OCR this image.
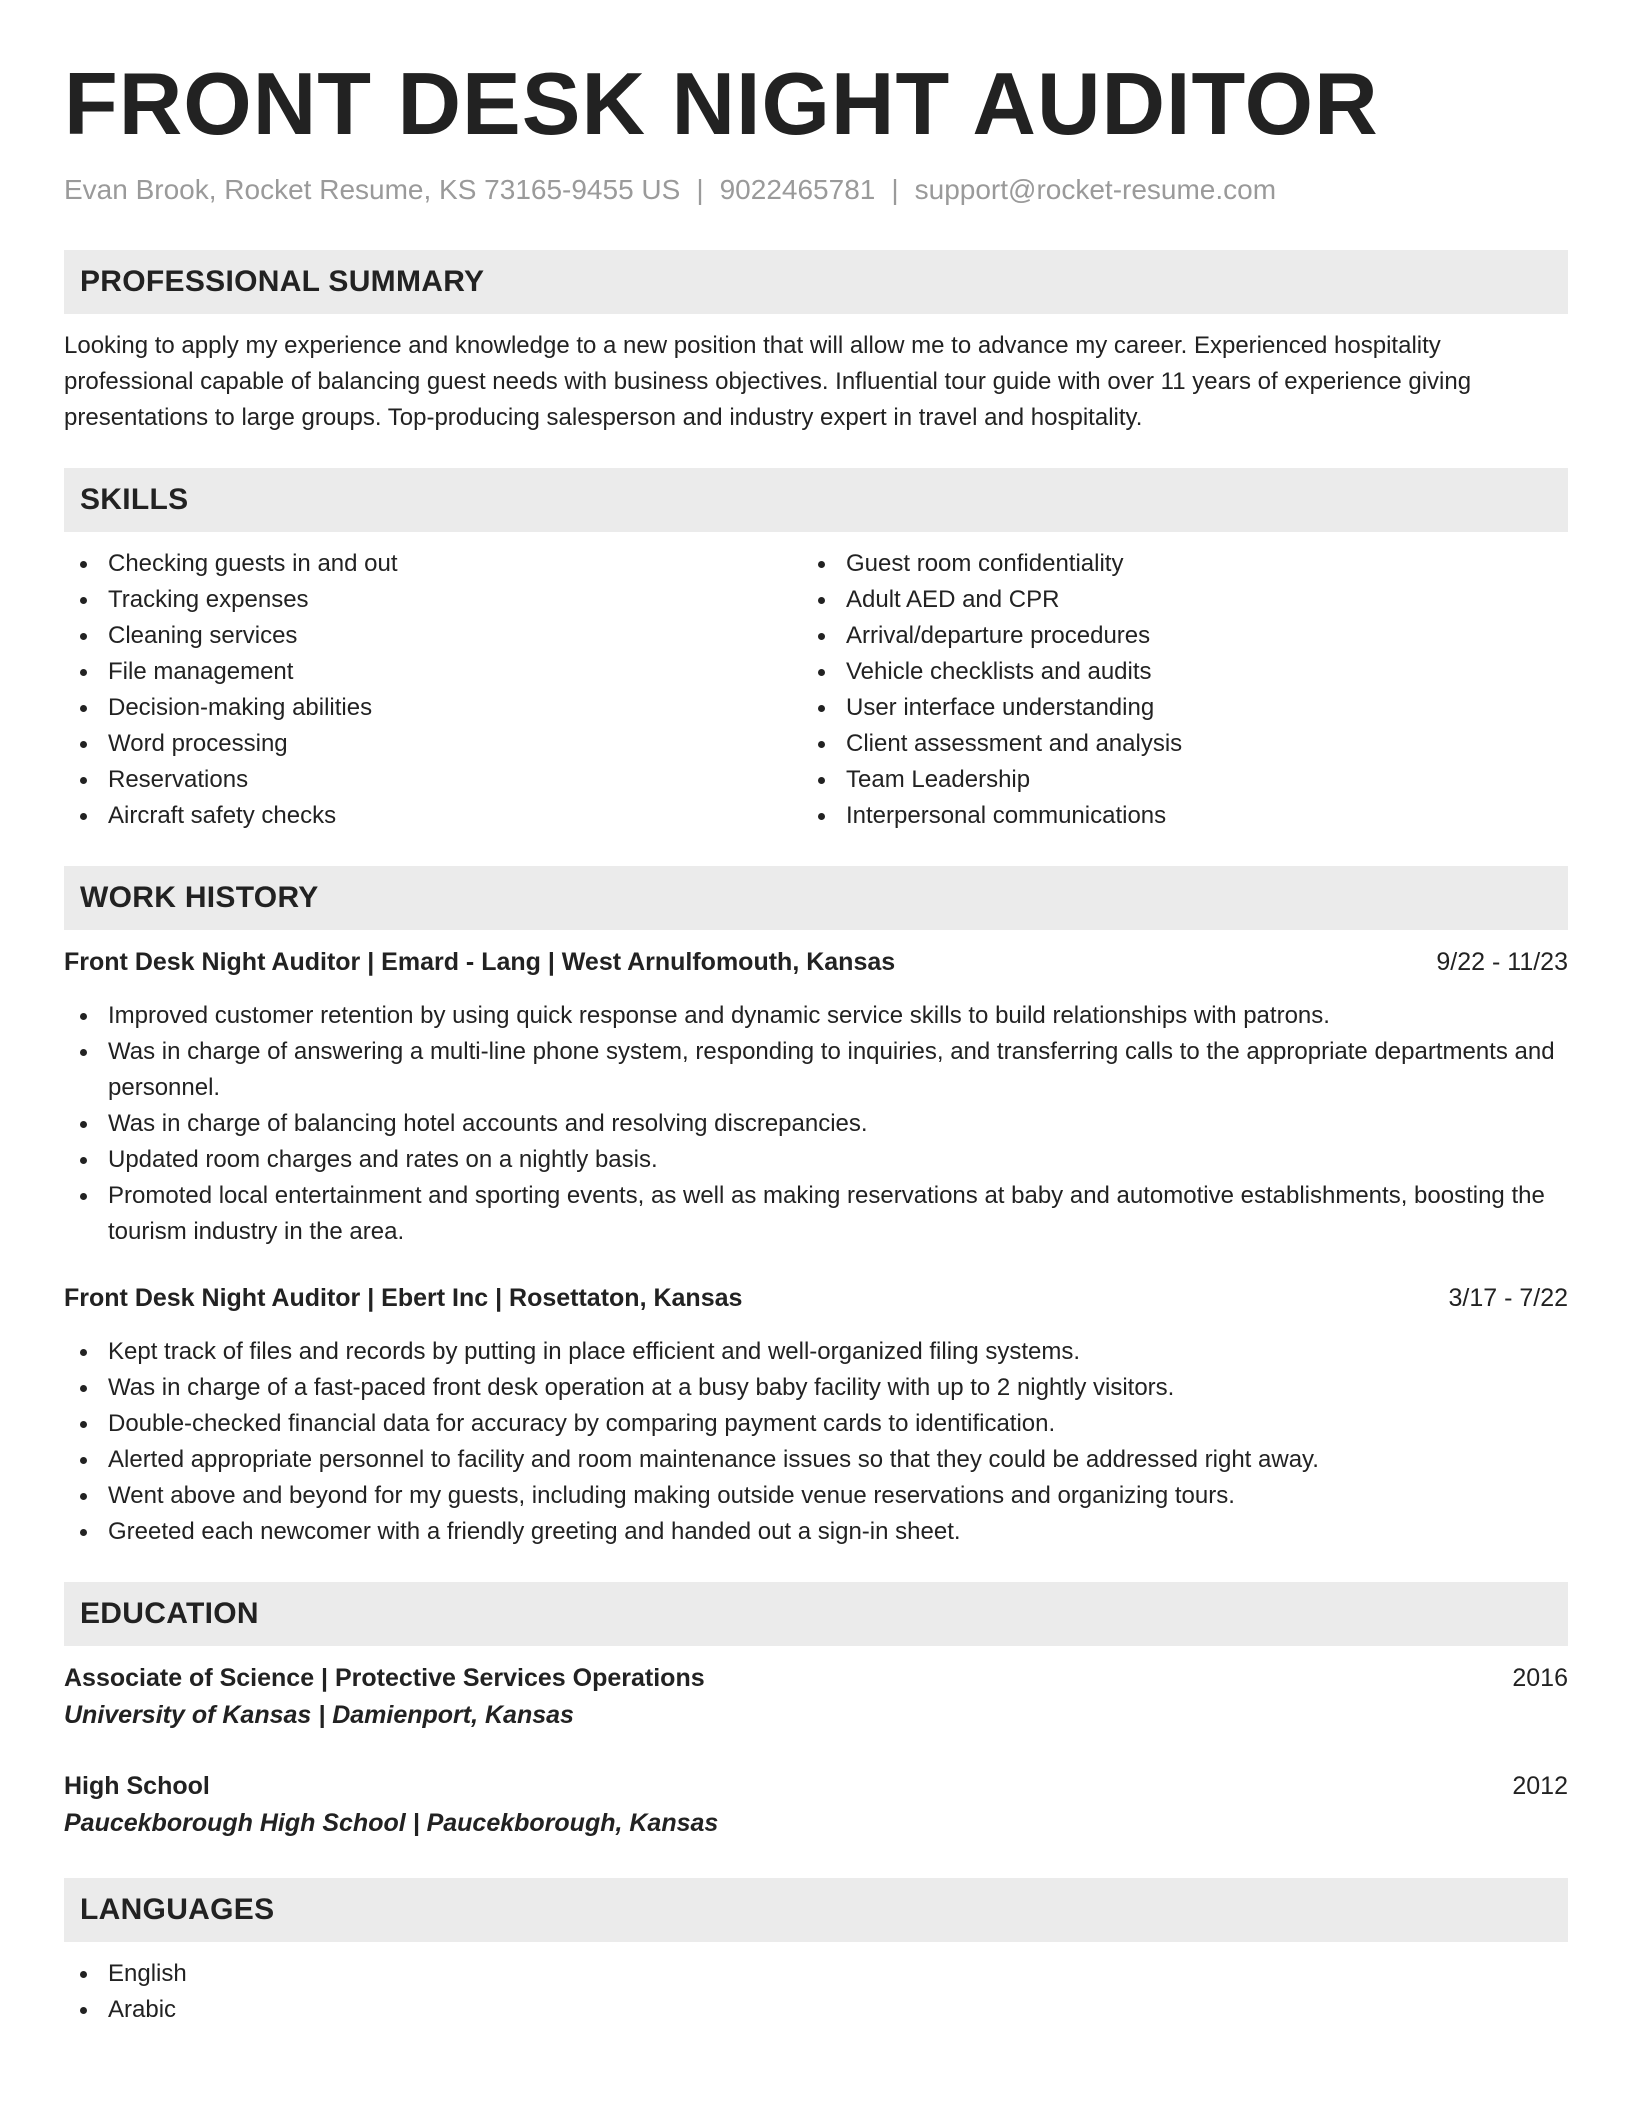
FRONT DESK NIGHT AUDITOR
Evan Brook, Rocket Resume, KS 73165-9455 US | 9022465781 | support@rocket-resume.com
PROFESSIONAL SUMMARY

Looking to apply my experience and knowledge to a new position that will allow me to advance my career. Experienced hospitality professional capable of balancing guest needs with business objectives. Influential tour guide with over 11 years of experience giving presentations to large groups. Top-producing salesperson and industry expert in travel and hospitality.

SKILLS
Checking guests in and out
Tracking expenses
Cleaning services
File management
Decision-making abilities
Word processing
Reservations
Aircraft safety checks
Guest room confidentiality
Adult AED and CPR
Arrival/departure procedures
Vehicle checklists and audits
User interface understanding
Client assessment and analysis
Team Leadership
Interpersonal communications
WORK HISTORY
Front Desk Night Auditor | Emard - Lang | West Arnulfomouth, Kansas	9/22 - 11/23
Improved customer retention by using quick response and dynamic service skills to build relationships with patrons.
Was in charge of answering a multi-line phone system, responding to inquiries, and transferring calls to the appropriate departments and personnel.
Was in charge of balancing hotel accounts and resolving discrepancies.
Updated room charges and rates on a nightly basis.
Promoted local entertainment and sporting events, as well as making reservations at baby and automotive establishments, boosting the tourism industry in the area.
Front Desk Night Auditor | Ebert Inc | Rosettaton, Kansas	3/17 - 7/22
Kept track of files and records by putting in place efficient and well-organized filing systems.
Was in charge of a fast-paced front desk operation at a busy baby facility with up to 2 nightly visitors.
Double-checked financial data for accuracy by comparing payment cards to identification.
Alerted appropriate personnel to facility and room maintenance issues so that they could be addressed right away.
Went above and beyond for my guests, including making outside venue reservations and organizing tours.
Greeted each newcomer with a friendly greeting and handed out a sign-in sheet.
EDUCATION
Associate of Science | Protective Services Operations	2016
University of Kansas | Damienport, Kansas
High School	2012
Paucekborough High School | Paucekborough, Kansas
LANGUAGES
English
Arabic
